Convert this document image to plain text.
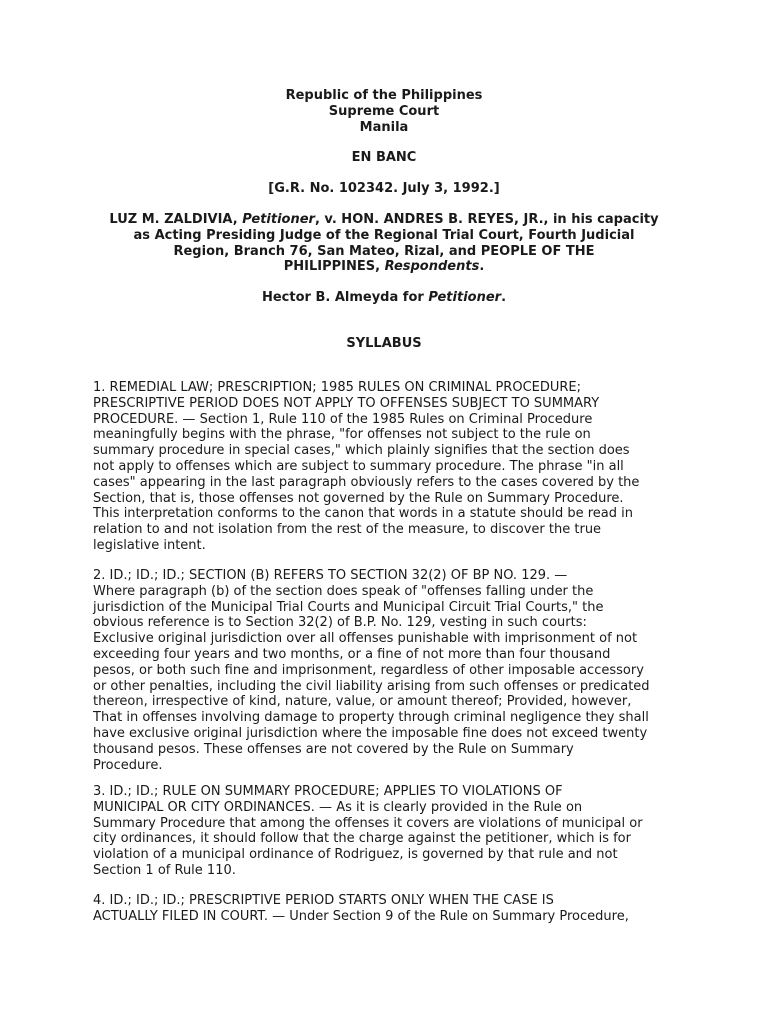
Republic of the Philippines
Supreme Court
Manila
EN BANC
[G.R. No. 102342. July 3, 1992.]
LUZ M. ZALDIVIA, Petitioner, v. HON. ANDRES B. REYES, JR., in his capacity
as Acting Presiding Judge of the Regional Trial Court, Fourth Judicial
Region, Branch 76, San Mateo, Rizal, and PEOPLE OF THE
PHILIPPINES, Respondents.
Hector B. Almeyda for Petitioner.
SYLLABUS
1. REMEDIAL LAW; PRESCRIPTION; 1985 RULES ON CRIMINAL PROCEDURE;
PRESCRIPTIVE PERIOD DOES NOT APPLY TO OFFENSES SUBJECT TO SUMMARY
PROCEDURE. — Section 1, Rule 110 of the 1985 Rules on Criminal Procedure
meaningfully begins with the phrase, "for offenses not subject to the rule on
summary procedure in special cases," which plainly signifies that the section does
not apply to offenses which are subject to summary procedure. The phrase "in all
cases" appearing in the last paragraph obviously refers to the cases covered by the
Section, that is, those offenses not governed by the Rule on Summary Procedure.
This interpretation conforms to the canon that words in a statute should be read in
relation to and not isolation from the rest of the measure, to discover the true
legislative intent.
2. ID.; ID.; ID.; SECTION (B) REFERS TO SECTION 32(2) OF BP NO. 129. —
Where paragraph (b) of the section does speak of "offenses falling under the
jurisdiction of the Municipal Trial Courts and Municipal Circuit Trial Courts," the
obvious reference is to Section 32(2) of B.P. No. 129, vesting in such courts:
Exclusive original jurisdiction over all offenses punishable with imprisonment of not
exceeding four years and two months, or a fine of not more than four thousand
pesos, or both such fine and imprisonment, regardless of other imposable accessory
or other penalties, including the civil liability arising from such offenses or predicated
thereon, irrespective of kind, nature, value, or amount thereof; Provided, however,
That in offenses involving damage to property through criminal negligence they shall
have exclusive original jurisdiction where the imposable fine does not exceed twenty
thousand pesos. These offenses are not covered by the Rule on Summary
Procedure.
3. ID.; ID.; RULE ON SUMMARY PROCEDURE; APPLIES TO VIOLATIONS OF
MUNICIPAL OR CITY ORDINANCES. — As it is clearly provided in the Rule on
Summary Procedure that among the offenses it covers are violations of municipal or
city ordinances, it should follow that the charge against the petitioner, which is for
violation of a municipal ordinance of Rodriguez, is governed by that rule and not
Section 1 of Rule 110.
4. ID.; ID.; ID.; PRESCRIPTIVE PERIOD STARTS ONLY WHEN THE CASE IS
ACTUALLY FILED IN COURT. — Under Section 9 of the Rule on Summary Procedure,
